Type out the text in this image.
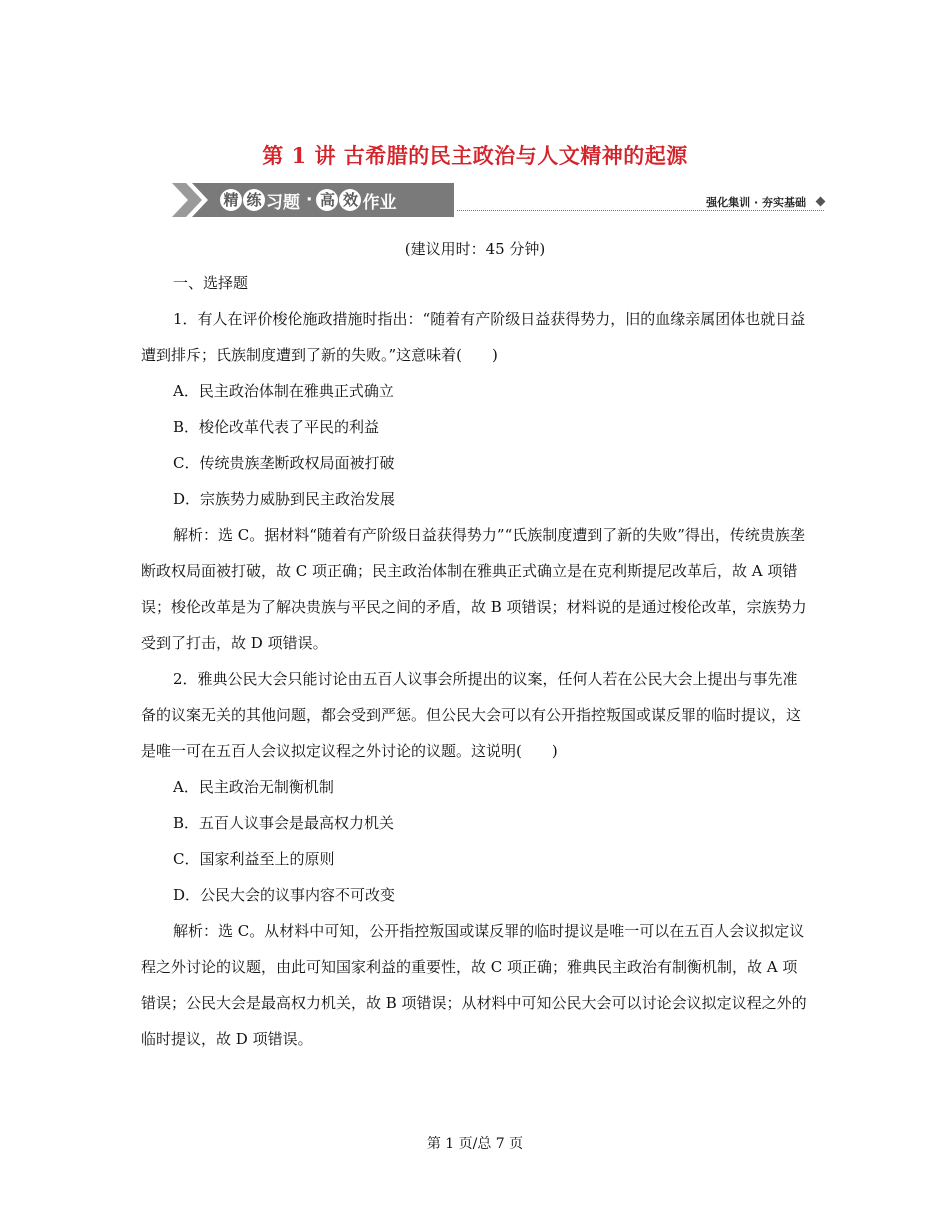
第 1 讲 古希腊的民主政治与人文精神的起源
精 练 习题 · 高 效 作业	强化集训 · 夯实基础
(建议用时：45 分钟)

一、选择题

1．有人在评价梭伦施政措施时指出：“随着有产阶级日益获得势力，旧的血缘亲属团体也就日益遭到排斥；氏族制度遭到了新的失败。”这意味着(　　)

A．民主政治体制在雅典正式确立

B．梭伦改革代表了平民的利益

C．传统贵族垄断政权局面被打破

D．宗族势力威胁到民主政治发展

解析：选 C。据材料“随着有产阶级日益获得势力”“氏族制度遭到了新的失败”得出，传统贵族垄断政权局面被打破，故 C 项正确；民主政治体制在雅典正式确立是在克利斯提尼改革后，故 A 项错误；梭伦改革是为了解决贵族与平民之间的矛盾，故 B 项错误；材料说的是通过梭伦改革，宗族势力受到了打击，故 D 项错误。

2．雅典公民大会只能讨论由五百人议事会所提出的议案，任何人若在公民大会上提出与事先准备的议案无关的其他问题，都会受到严惩。但公民大会可以有公开指控叛国或谋反罪的临时提议，这是唯一可在五百人会议拟定议程之外讨论的议题。这说明(　　)

A．民主政治无制衡机制

B．五百人议事会是最高权力机关

C．国家利益至上的原则

D．公民大会的议事内容不可改变

解析：选 C。从材料中可知，公开指控叛国或谋反罪的临时提议是唯一可以在五百人会议拟定议程之外讨论的议题，由此可知国家利益的重要性，故 C 项正确；雅典民主政治有制衡机制，故 A 项错误；公民大会是最高权力机关，故 B 项错误；从材料中可知公民大会可以讨论会议拟定议程之外的临时提议，故 D 项错误。

第 1 页/总 7 页
